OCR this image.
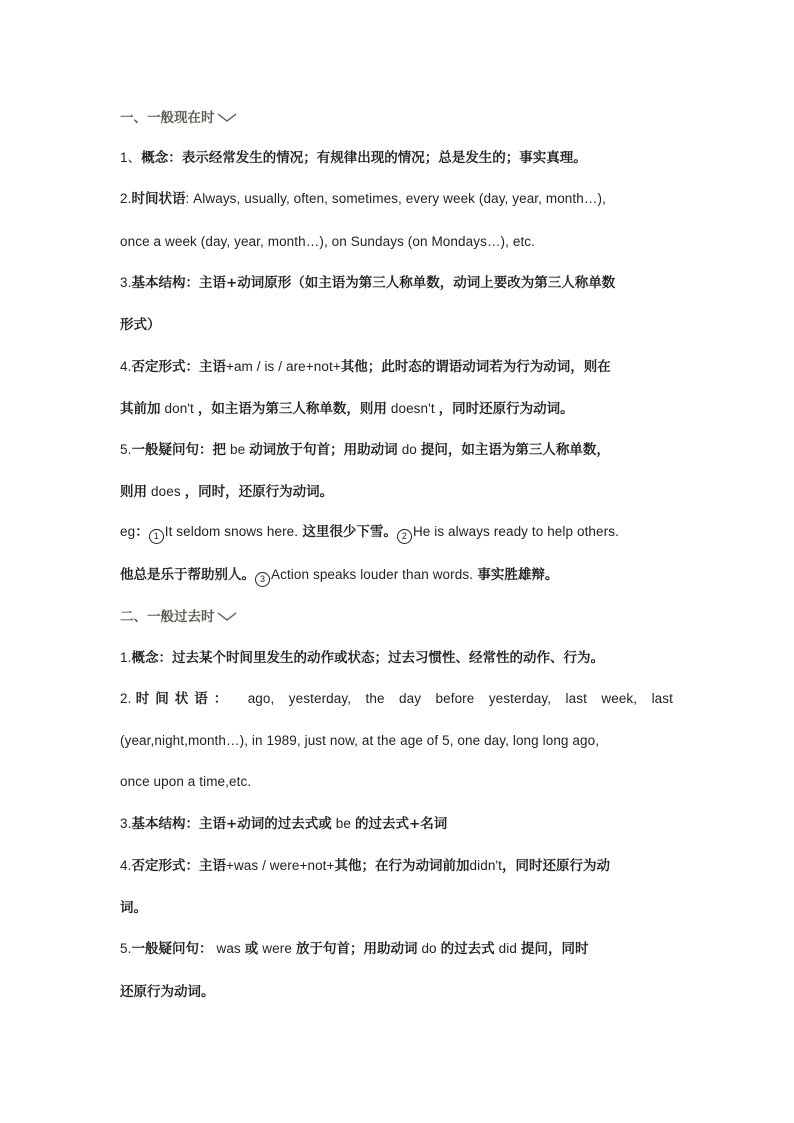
一、一般现在时
1、概念：表示经常发生的情况；有规律出现的情况；总是发生的；事实真理。
2.时间状语: Always, usually, often, sometimes, every week (day, year, month…),
once a week (day, year, month…), on Sundays (on Mondays…), etc.
3.基本结构：主语+动词原形（如主语为第三人称单数，动词上要改为第三人称单数
形式）
4.否定形式：主语+am / is / are+not+其他；此时态的谓语动词若为行为动词，则在
其前加 don't ，如主语为第三人称单数，则用 doesn't ，同时还原行为动词。
5.一般疑问句：把 be 动词放于句首；用助动词 do 提问，如主语为第三人称单数，
则用 does ，同时，还原行为动词。
eg： 1 It seldom snows here. 这里很少下雪。 2 He is always ready to help others.
他总是乐于帮助别人。 3 Action speaks louder than words. 事实胜雄辩。
二、一般过去时
1.概念：过去某个时间里发生的动作或状态；过去习惯性、经常性的动作、行为。
2. 时间状语： ago, yesterday, the day before yesterday, last week, last
(year,night,month…), in 1989, just now, at the age of 5, one day, long long ago,
once upon a time,etc.
3.基本结构：主语+动词的过去式或 be 的过去式+名词
4.否定形式：主语+was / were+not+其他；在行为动词前加didn't，同时还原行为动
词。
5.一般疑问句： was 或 were 放于句首；用助动词 do 的过去式 did 提问，同时
还原行为动词。
